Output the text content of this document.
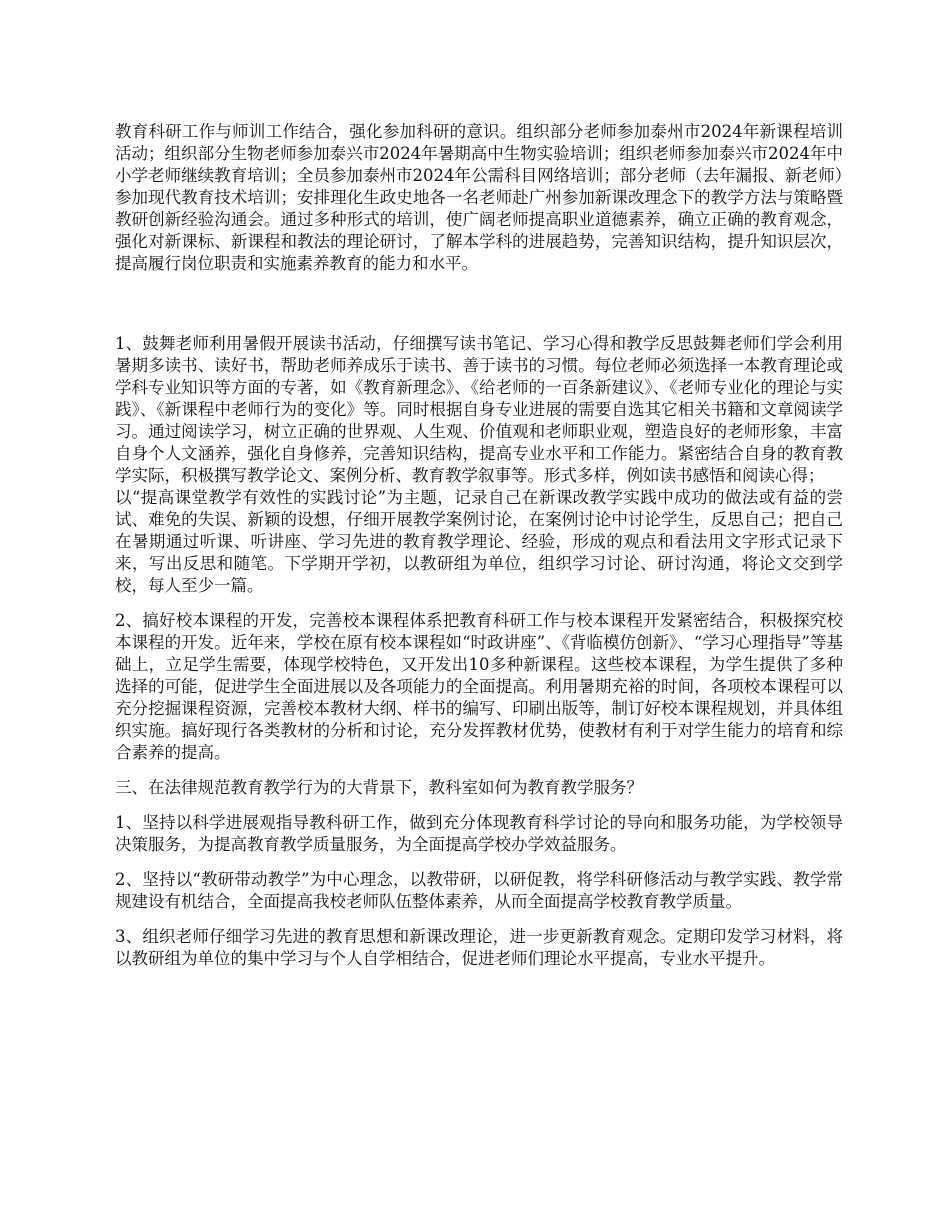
教育科研工作与师训工作结合，强化参加科研的意识。组织部分老师参加泰州市2024年新课程培训活动；组织部分生物老师参加泰兴市2024年暑期高中生物实验培训；组织老师参加泰兴市2024年中小学老师继续教育培训；全员参加泰州市2024年公需科目网络培训；部分老师（去年漏报、新老师）参加现代教育技术培训；安排理化生政史地各一名老师赴广州参加新课改理念下的教学方法与策略暨教研创新经验沟通会。通过多种形式的培训，使广阔老师提高职业道德素养，确立正确的教育观念，强化对新课标、新课程和教法的理论研讨，了解本学科的进展趋势，完善知识结构，提升知识层次，提高履行岗位职责和实施素养教育的能力和水平。

1、鼓舞老师利用暑假开展读书活动，仔细撰写读书笔记、学习心得和教学反思鼓舞老师们学会利用暑期多读书、读好书，帮助老师养成乐于读书、善于读书的习惯。每位老师必须选择一本教育理论或学科专业知识等方面的专著，如《教育新理念》、《给老师的一百条新建议》、《老师专业化的理论与实践》、《新课程中老师行为的变化》等。同时根据自身专业进展的需要自选其它相关书籍和文章阅读学习。通过阅读学习，树立正确的世界观、人生观、价值观和老师职业观，塑造良好的老师形象，丰富自身个人文涵养，强化自身修养，完善知识结构，提高专业水平和工作能力。紧密结合自身的教育教学实际，积极撰写教学论文、案例分析、教育教学叙事等。形式多样，例如读书感悟和阅读心得；
以“提高课堂教学有效性的实践讨论”为主题，记录自己在新课改教学实践中成功的做法或有益的尝试、难免的失误、新颖的设想，仔细开展教学案例讨论，在案例讨论中讨论学生，反思自己；把自己在暑期通过听课、听讲座、学习先进的教育教学理论、经验，形成的观点和看法用文字形式记录下来，写出反思和随笔。下学期开学初，以教研组为单位，组织学习讨论、研讨沟通，将论文交到学校，每人至少一篇。

2、搞好校本课程的开发，完善校本课程体系把教育科研工作与校本课程开发紧密结合，积极探究校本课程的开发。近年来，学校在原有校本课程如“时政讲座”、《背临模仿创新》、“学习心理指导”等基础上，立足学生需要，体现学校特色，又开发出10多种新课程。这些校本课程，为学生提供了多种选择的可能，促进学生全面进展以及各项能力的全面提高。利用暑期充裕的时间，各项校本课程可以充分挖掘课程资源，完善校本教材大纲、样书的编写、印刷出版等，制订好校本课程规划，并具体组织实施。搞好现行各类教材的分析和讨论，充分发挥教材优势，使教材有利于对学生能力的培育和综合素养的提高。

三、在法律规范教育教学行为的大背景下，教科室如何为教育教学服务？

1、坚持以科学进展观指导教科研工作，做到充分体现教育科学讨论的导向和服务功能，为学校领导决策服务，为提高教育教学质量服务，为全面提高学校办学效益服务。

2、坚持以“教研带动教学”为中心理念，以教带研，以研促教，将学科研修活动与教学实践、教学常规建设有机结合，全面提高我校老师队伍整体素养，从而全面提高学校教育教学质量。

3、组织老师仔细学习先进的教育思想和新课改理论，进一步更新教育观念。定期印发学习材料，将以教研组为单位的集中学习与个人自学相结合，促进老师们理论水平提高，专业水平提升。
